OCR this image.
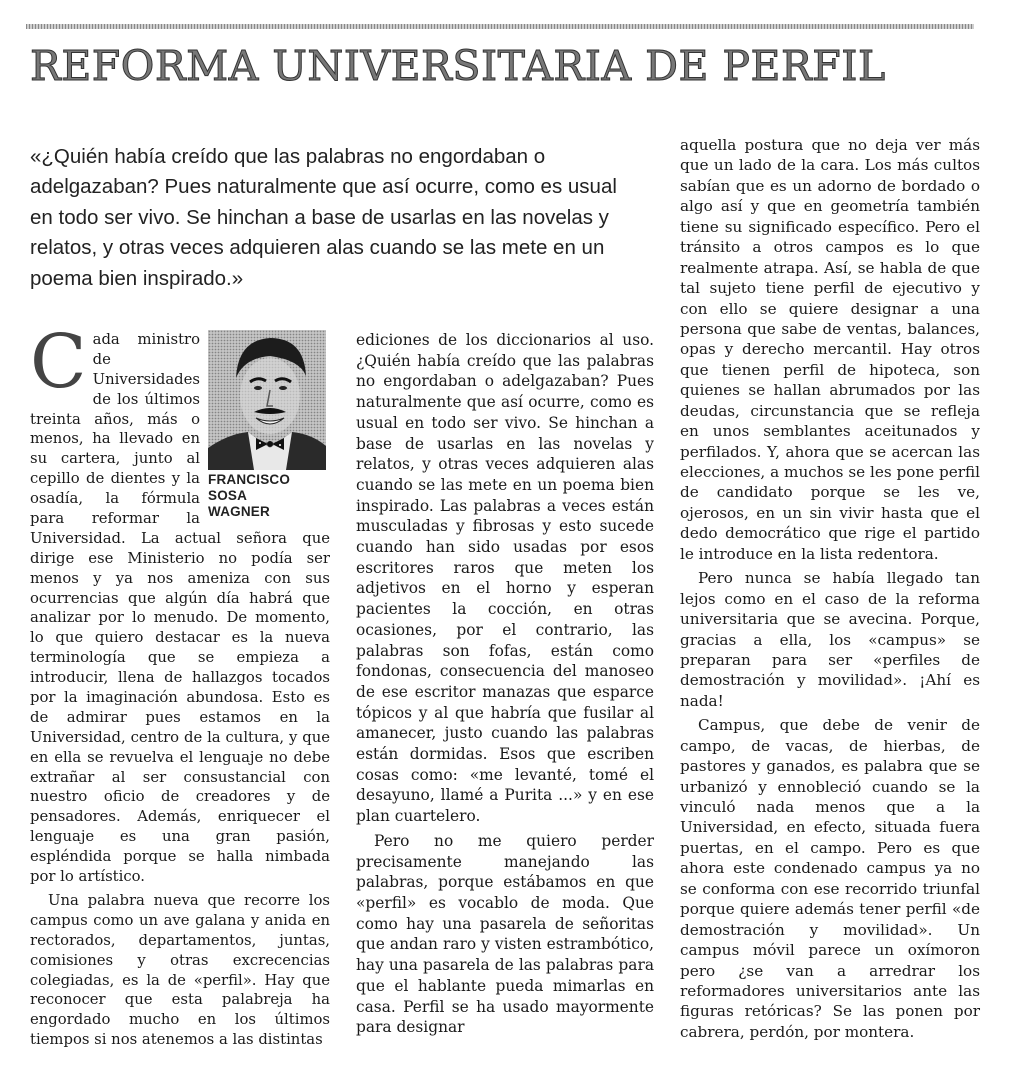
REFORMA UNIVERSITARIA DE PERFIL

«¿Quién había creído que las palabras no engordaban o adelgazaban? Pues naturalmente que así ocurre, como es usual en todo ser vivo. Se hinchan a base de usarlas en las novelas y relatos, y otras veces adquieren alas cuando se las mete en un poema bien inspirado.»

FRANCISCO
SOSA
WAGNER

Cada ministro de Universidades de los últimos treinta años, más o menos, ha llevado en su cartera, junto al cepillo de dientes y la osadía, la fórmula para reformar la Universidad. La actual señora que dirige ese Ministerio no podía ser menos y ya nos ameniza con sus ocurrencias que algún día habrá que analizar por lo menudo. De momento, lo que quiero destacar es la nueva terminología que se empieza a introducir, llena de hallazgos tocados por la imaginación abundosa. Esto es de admirar pues estamos en la Universidad, centro de la cultura, y que en ella se revuelva el lenguaje no debe extrañar al ser consustancial con nuestro oficio de creadores y de pensadores. Además, enriquecer el lenguaje es una gran pasión, espléndida porque se halla nimbada por lo artístico.

Una palabra nueva que recorre los campus como un ave galana y anida en rectorados, departamentos, juntas, comisiones y otras excrecencias colegiadas, es la de «perfil». Hay que reconocer que esta palabreja ha engordado mucho en los últimos tiempos si nos atenemos a las distintas

ediciones de los diccionarios al uso. ¿Quién había creído que las palabras no engordaban o adelgazaban? Pues naturalmente que así ocurre, como es usual en todo ser vivo. Se hinchan a base de usarlas en las novelas y relatos, y otras veces adquieren alas cuando se las mete en un poema bien inspirado. Las palabras a veces están musculadas y fibrosas y esto sucede cuando han sido usadas por esos escritores raros que meten los adjetivos en el horno y esperan pacientes la cocción, en otras ocasiones, por el contrario, las palabras son fofas, están como fondonas, consecuencia del manoseo de ese escritor manazas que esparce tópicos y al que habría que fusilar al amanecer, justo cuando las palabras están dormidas. Esos que escriben cosas como: «me levanté, tomé el desayuno, llamé a Purita ...» y en ese plan cuartelero.

Pero no me quiero perder precisamente manejando las palabras, porque estábamos en que «perfil» es vocablo de moda. Que como hay una pasarela de señoritas que andan raro y visten estrambótico, hay una pasarela de las palabras para que el hablante pueda mimarlas en casa. Perfil se ha usado mayormente para designar

aquella postura que no deja ver más que un lado de la cara. Los más cultos sabían que es un adorno de bordado o algo así y que en geometría también tiene su significado específico. Pero el tránsito a otros campos es lo que realmente atrapa. Así, se habla de que tal sujeto tiene perfil de ejecutivo y con ello se quiere designar a una persona que sabe de ventas, balances, opas y derecho mercantil. Hay otros que tienen perfil de hipoteca, son quienes se hallan abrumados por las deudas, circunstancia que se refleja en unos semblantes aceitunados y perfilados. Y, ahora que se acercan las elecciones, a muchos se les pone perfil de candidato porque se les ve, ojerosos, en un sin vivir hasta que el dedo democrático que rige el partido le introduce en la lista redentora.

Pero nunca se había llegado tan lejos como en el caso de la reforma universitaria que se avecina. Porque, gracias a ella, los «campus» se preparan para ser «perfiles de demostración y movilidad». ¡Ahí es nada!

Campus, que debe de venir de campo, de vacas, de hierbas, de pastores y ganados, es palabra que se urbanizó y ennobleció cuando se la vinculó nada menos que a la Universidad, en efecto, situada fuera puertas, en el campo. Pero es que ahora este condenado campus ya no se conforma con ese recorrido triunfal porque quiere además tener perfil «de demostración y movilidad». Un campus móvil parece un oxímoron pero ¿se van a arredrar los reformadores universitarios ante las figuras retóricas? Se las ponen por cabrera, perdón, por montera.
